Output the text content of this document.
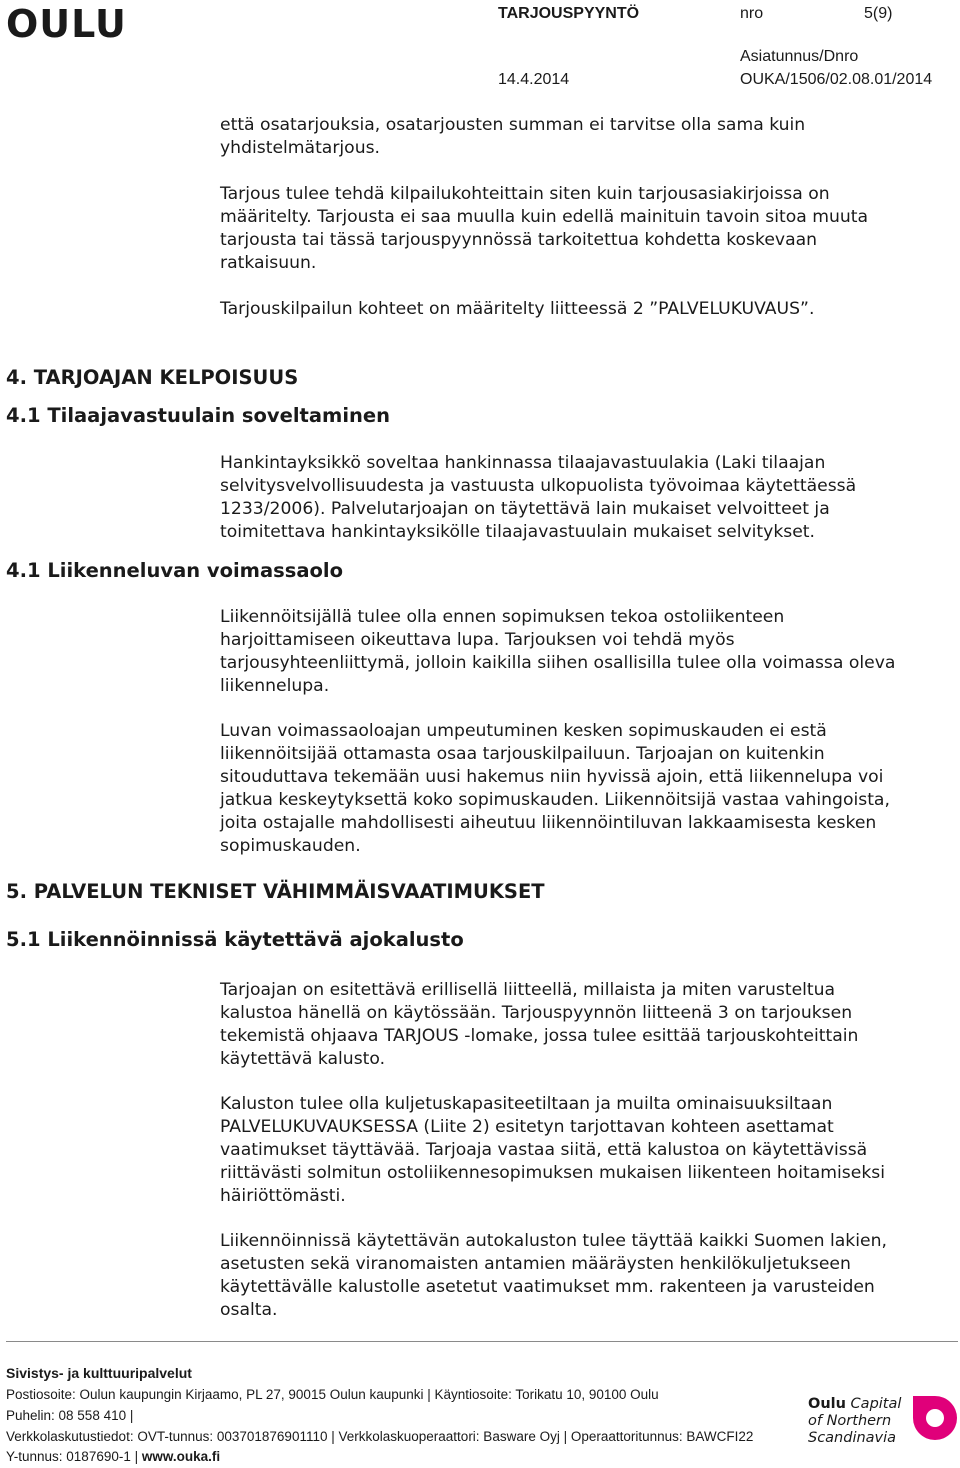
OULU	TARJOUSPYYNTÖ	nro	5(9)
Asiatunnus/Dnro
14.4.2014	OUKA/1506/02.08.01/2014

että osatarjouksia, osatarjousten summan ei tarvitse olla sama kuin
yhdistelmätarjous.

Tarjous tulee tehdä kilpailukohteittain siten kuin tarjousasiakirjoissa on
määritelty. Tarjousta ei saa muulla kuin edellä mainituin tavoin sitoa muuta
tarjousta tai tässä tarjouspyynnössä tarkoitettua kohdetta koskevaan
ratkaisuun.

Tarjouskilpailun kohteet on määritelty liitteessä 2 ”PALVELUKUVAUS”.

4. TARJOAJAN KELPOISUUS
4.1 Tilaajavastuulain soveltaminen

Hankintayksikkö soveltaa hankinnassa tilaajavastuulakia (Laki tilaajan
selvitysvelvollisuudesta ja vastuusta ulkopuolista työvoimaa käytettäessä
1233/2006). Palvelutarjoajan on täytettävä lain mukaiset velvoitteet ja
toimitettava hankintayksikölle tilaajavastuulain mukaiset selvitykset.

4.1 Liikenneluvan voimassaolo

Liikennöitsijällä tulee olla ennen sopimuksen tekoa ostoliikenteen
harjoittamiseen oikeuttava lupa. Tarjouksen voi tehdä myös
tarjousyhteenliittymä, jolloin kaikilla siihen osallisilla tulee olla voimassa oleva
liikennelupa.

Luvan voimassaoloajan umpeutuminen kesken sopimuskauden ei estä
liikennöitsijää ottamasta osaa tarjouskilpailuun. Tarjoajan on kuitenkin
sitouduttava tekemään uusi hakemus niin hyvissä ajoin, että liikennelupa voi
jatkua keskeytyksettä koko sopimuskauden. Liikennöitsijä vastaa vahingoista,
joita ostajalle mahdollisesti aiheutuu liikennöintiluvan lakkaamisesta kesken
sopimuskauden.

5. PALVELUN TEKNISET VÄHIMMÄISVAATIMUKSET
5.1 Liikennöinnissä käytettävä ajokalusto

Tarjoajan on esitettävä erillisellä liitteellä, millaista ja miten varusteltua
kalustoa hänellä on käytössään. Tarjouspyynnön liitteenä 3 on tarjouksen
tekemistä ohjaava TARJOUS -lomake, jossa tulee esittää tarjouskohteittain
käytettävä kalusto.

Kaluston tulee olla kuljetuskapasiteetiltaan ja muilta ominaisuuksiltaan
PALVELUKUVAUKSESSA (Liite 2) esitetyn tarjottavan kohteen asettamat
vaatimukset täyttävää. Tarjoaja vastaa siitä, että kalustoa on käytettävissä
riittävästi solmitun ostoliikennesopimuksen mukaisen liikenteen hoitamiseksi
häiriöttömästi.

Liikennöinnissä käytettävän autokaluston tulee täyttää kaikki Suomen lakien,
asetusten sekä viranomaisten antamien määräysten henkilökuljetukseen
käytettävälle kalustolle asetetut vaatimukset mm. rakenteen ja varusteiden
osalta.

Sivistys- ja kulttuuripalvelut
Postiosoite: Oulun kaupungin Kirjaamo, PL 27, 90015 Oulun kaupunki | Käyntiosoite: Torikatu 10, 90100 Oulu
Puhelin: 08 558 410 |
Verkkolaskutustiedot: OVT-tunnus: 003701876901110 | Verkkolaskuoperaattori: Basware Oyj | Operaattoritunnus: BAWCFI22
Y-tunnus: 0187690-1 | www.ouka.fi
Oulu Capital
of Northern
Scandinavia
